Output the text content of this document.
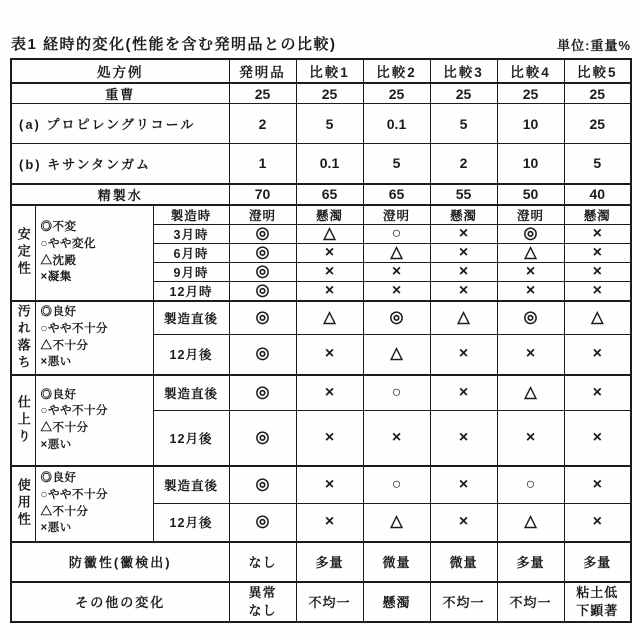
表1 経時的変化(性能を含む発明品との比較)	単位:重量%
処方例			発明品	比較1	比較2	比較3	比較4	比較5
重曹			25	25	25	25	25	25
(a) プロピレングリコール			2	5	0.1	5	10	25
(b) キサンタンガム			1	0.1	5	2	10	5
精製水			70	65	65	55	50	40
安定性	◎不変
○やや変化
△沈殿
×凝集	製造時	澄明	懸濁	澄明	懸濁	澄明	懸濁
		3月時	◎	△	○	×	◎	×
		6月時	◎	×	△	×	△	×
		9月時	◎	×	×	×	×	×
		12月時	◎	×	×	×	×	×
汚れ落ち	◎良好
○やや不十分
△不十分
×悪い	製造直後	◎	△	◎	△	◎	△
		12月後	◎	×	△	×	×	×
仕上り	◎良好
○やや不十分
△不十分
×悪い	製造直後	◎	×	○	×	△	×
		12月後	◎	×	×	×	×	×
使用性	◎良好
○やや不十分
△不十分
×悪い	製造直後	◎	×	○	×	○	×
		12月後	◎	×	△	×	△	×
防黴性(黴検出)			なし	多量	微量	微量	多量	多量
その他の変化			異常
なし	不均一	懸濁	不均一	不均一	粘土低
下顕著
